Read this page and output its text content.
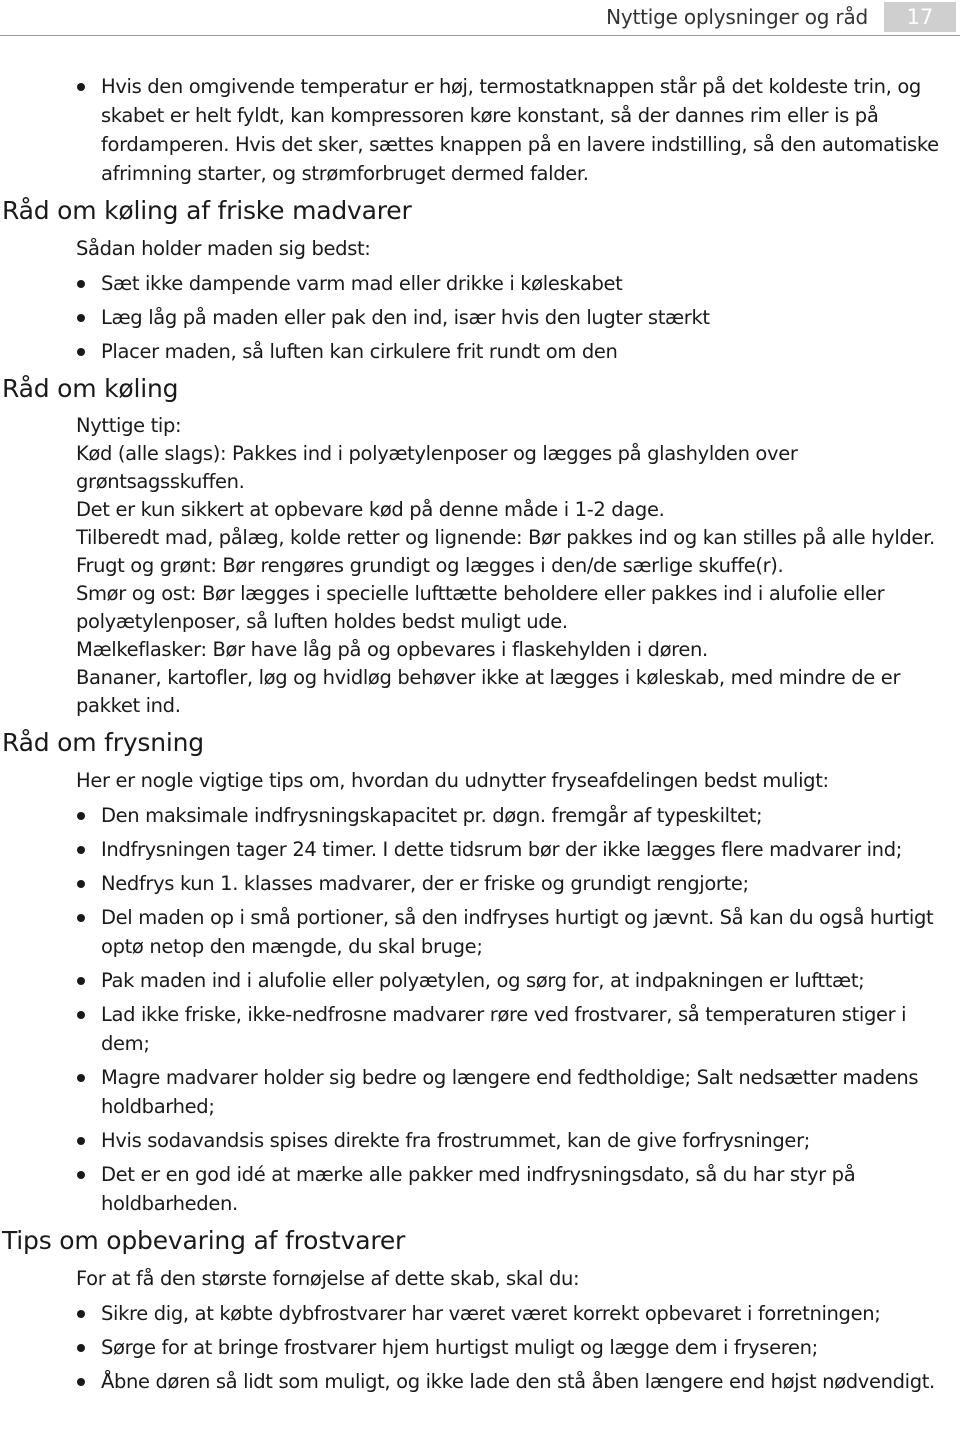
Nyttige oplysninger og råd	17
Hvis den omgivende temperatur er høj, termostatknappen står på det koldeste trin, og skabet er helt fyldt, kan kompressoren køre konstant, så der dannes rim eller is på fordamperen. Hvis det sker, sættes knappen på en lavere indstilling, så den automatiske afrimning starter, og strømforbruget dermed falder.
Råd om køling af friske madvarer

Sådan holder maden sig bedst:

Sæt ikke dampende varm mad eller drikke i køleskabet
Læg låg på maden eller pak den ind, især hvis den lugter stærkt
Placer maden, så luften kan cirkulere frit rundt om den
Råd om køling

Nyttige tip:

Kød (alle slags): Pakkes ind i polyætylenposer og lægges på glashylden over grøntsagsskuffen.

Det er kun sikkert at opbevare kød på denne måde i 1-2 dage.

Tilberedt mad, pålæg, kolde retter og lignende: Bør pakkes ind og kan stilles på alle hylder.

Frugt og grønt: Bør rengøres grundigt og lægges i den/de særlige skuffe(r).

Smør og ost: Bør lægges i specielle lufttætte beholdere eller pakkes ind i alufolie eller polyætylenposer, så luften holdes bedst muligt ude.

Mælkeflasker: Bør have låg på og opbevares i flaskehylden i døren.

Bananer, kartofler, løg og hvidløg behøver ikke at lægges i køleskab, med mindre de er pakket ind.

Råd om frysning

Her er nogle vigtige tips om, hvordan du udnytter fryseafdelingen bedst muligt:

Den maksimale indfrysningskapacitet pr. døgn. fremgår af typeskiltet;
Indfrysningen tager 24 timer. I dette tidsrum bør der ikke lægges flere madvarer ind;
Nedfrys kun 1. klasses madvarer, der er friske og grundigt rengjorte;
Del maden op i små portioner, så den indfryses hurtigt og jævnt. Så kan du også hurtigt optø netop den mængde, du skal bruge;
Pak maden ind i alufolie eller polyætylen, og sørg for, at indpakningen er lufttæt;
Lad ikke friske, ikke-nedfrosne madvarer røre ved frostvarer, så temperaturen stiger i dem;
Magre madvarer holder sig bedre og længere end fedtholdige; Salt nedsætter madens holdbarhed;
Hvis sodavandsis spises direkte fra frostrummet, kan de give forfrysninger;
Det er en god idé at mærke alle pakker med indfrysningsdato, så du har styr på holdbarheden.
Tips om opbevaring af frostvarer

For at få den største fornøjelse af dette skab, skal du:

Sikre dig, at købte dybfrostvarer har været været korrekt opbevaret i forretningen;
Sørge for at bringe frostvarer hjem hurtigst muligt og lægge dem i fryseren;
Åbne døren så lidt som muligt, og ikke lade den stå åben længere end højst nødvendigt.
